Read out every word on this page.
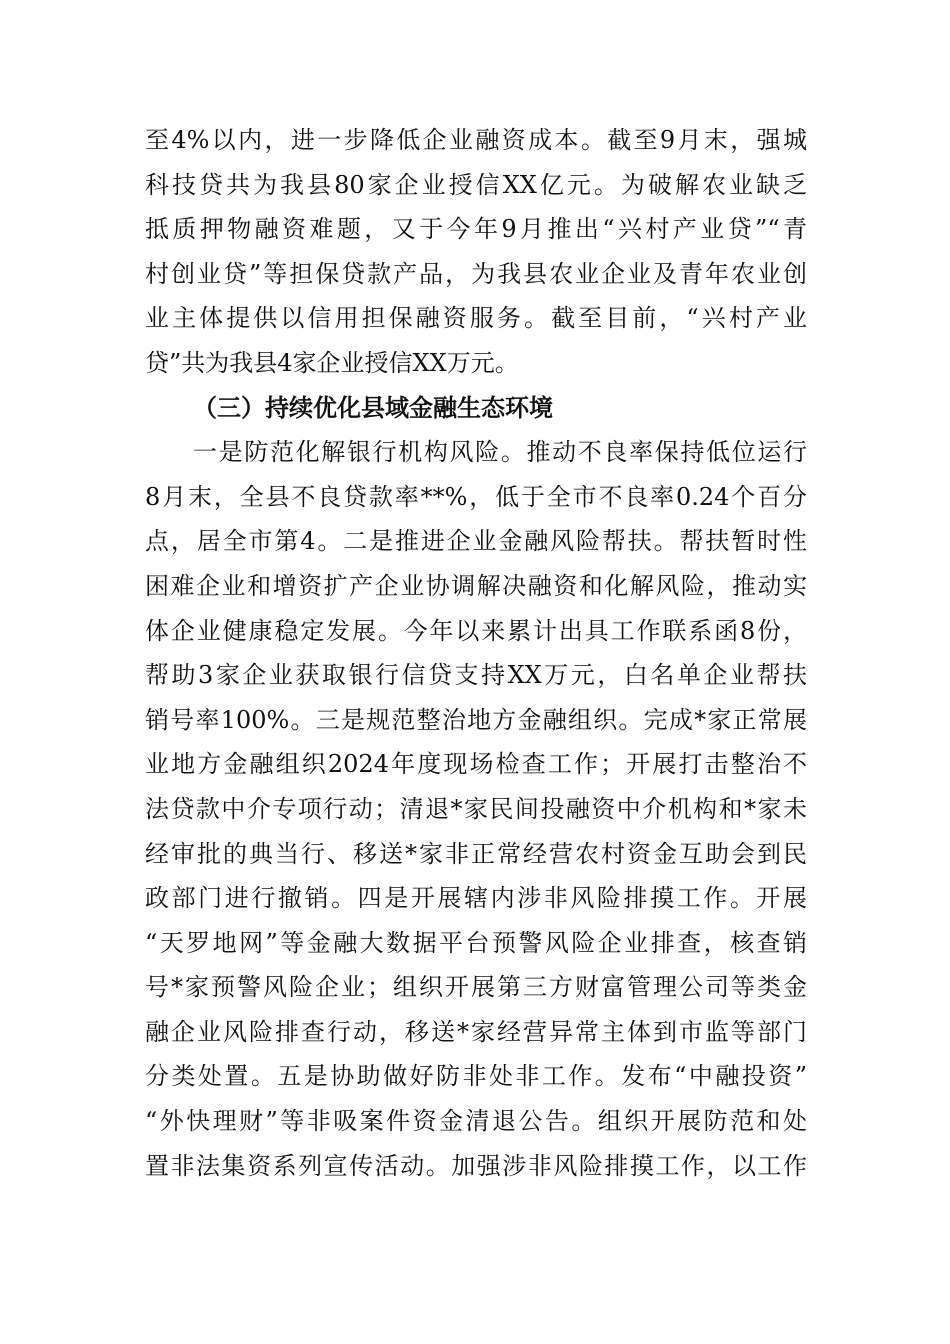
至4%以内，进一步降低企业融资成本。截至9月末，强城
科技贷共为我县80家企业授信XX亿元。为破解农业缺乏
抵质押物融资难题，又于今年9月推出“兴村产业贷”“青
村创业贷”等担保贷款产品，为我县农业企业及青年农业创
业主体提供以信用担保融资服务。截至目前，“兴村产业
贷”共为我县4家企业授信XX万元。
（三）持续优化县域金融生态环境
一是防范化解银行机构风险。推动不良率保持低位运行
8月末，全县不良贷款率**%，低于全市不良率0.24个百分
点，居全市第4。二是推进企业金融风险帮扶。帮扶暂时性
困难企业和增资扩产企业协调解决融资和化解风险，推动实
体企业健康稳定发展。今年以来累计出具工作联系函8份，
帮助3家企业获取银行信贷支持XX万元，白名单企业帮扶
销号率100%。三是规范整治地方金融组织。完成*家正常展
业地方金融组织2024年度现场检查工作；开展打击整治不
法贷款中介专项行动；清退*家民间投融资中介机构和*家未
经审批的典当行、移送*家非正常经营农村资金互助会到民
政部门进行撤销。四是开展辖内涉非风险排摸工作。开展
“天罗地网”等金融大数据平台预警风险企业排查，核查销
号*家预警风险企业；组织开展第三方财富管理公司等类金
融企业风险排查行动，移送*家经营异常主体到市监等部门
分类处置。五是协助做好防非处非工作。发布“中融投资”
“外快理财”等非吸案件资金清退公告。组织开展防范和处
置非法集资系列宣传活动。加强涉非风险排摸工作，以工作
